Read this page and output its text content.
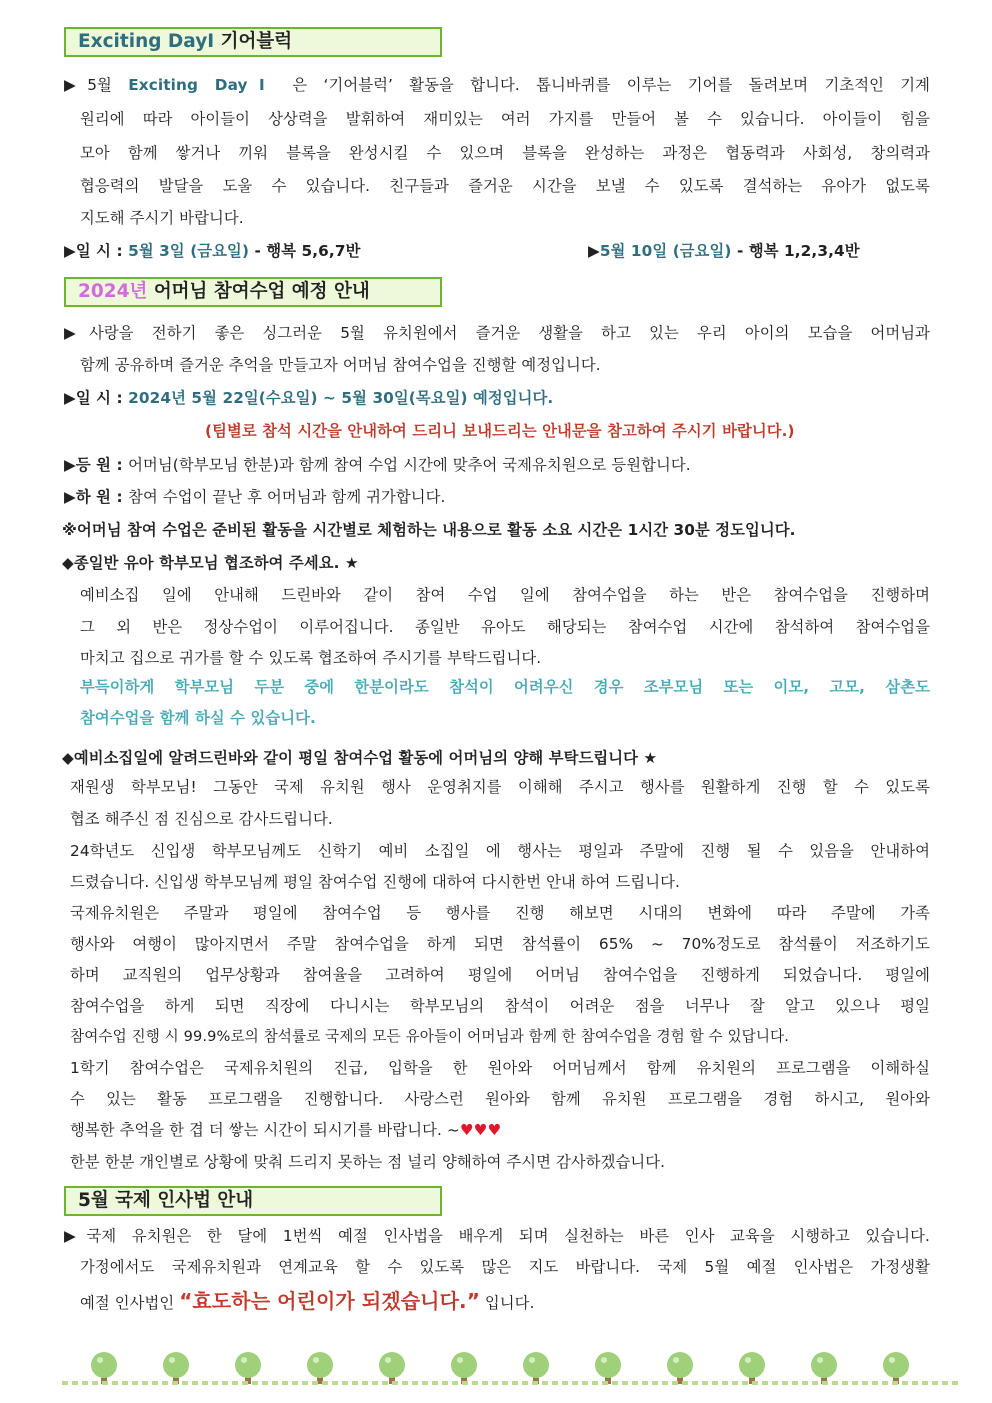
Exciting DayⅠ 기어블럭
▶5월 Exciting DayⅠ 은 ‘기어블럭’ 활동을 합니다. 톱니바퀴를 이루는 기어를 돌려보며 기초적인 기계
원리에 따라 아이들이 상상력을 발휘하여 재미있는 여러 가지를 만들어 볼 수 있습니다. 아이들이 힘을
모아 함께 쌓거나 끼워 블록을 완성시킬 수 있으며 블록을 완성하는 과정은 협동력과 사회성, 창의력과
협응력의 발달을 도울 수 있습니다. 친구들과 즐거운 시간을 보낼 수 있도록 결석하는 유아가 없도록
지도해 주시기 바랍니다.
▶일 시 : 5월 3일 (금요일) - 행복 5,6,7반	▶5월 10일 (금요일) - 행복 1,2,3,4반
2024년 어머님 참여수업 예정 안내
▶사랑을 전하기 좋은 싱그러운 5월 유치원에서 즐거운 생활을 하고 있는 우리 아이의 모습을 어머님과
함께 공유하며 즐거운 추억을 만들고자 어머님 참여수업을 진행할 예정입니다.
▶일 시 : 2024년 5월 22일(수요일) ~ 5월 30일(목요일) 예정입니다.
(팀별로 참석 시간을 안내하여 드리니 보내드리는 안내문을 참고하여 주시기 바랍니다.)
▶등 원 : 어머님(학부모님 한분)과 함께 참여 수업 시간에 맞추어 국제유치원으로 등원합니다.
▶하 원 : 참여 수업이 끝난 후 어머님과 함께 귀가합니다.
※어머님 참여 수업은 준비된 활동을 시간별로 체험하는 내용으로 활동 소요 시간은 1시간 30분 정도입니다.
◆종일반 유아 학부모님 협조하여 주세요. ★
예비소집 일에 안내해 드린바와 같이 참여 수업 일에 참여수업을 하는 반은 참여수업을 진행하며
그 외 반은 정상수업이 이루어집니다. 종일반 유아도 해당되는 참여수업 시간에 참석하여 참여수업을
마치고 집으로 귀가를 할 수 있도록 협조하여 주시기를 부탁드립니다.
부득이하게 학부모님 두분 중에 한분이라도 참석이 어려우신 경우 조부모님 또는 이모, 고모, 삼촌도
참여수업을 함께 하실 수 있습니다.
◆예비소집일에 알려드린바와 같이 평일 참여수업 활동에 어머님의 양해 부탁드립니다 ★
재원생 학부모님! 그동안 국제 유치원 행사 운영취지를 이해해 주시고 행사를 원활하게 진행 할 수 있도록
협조 해주신 점 진심으로 감사드립니다.
24학년도 신입생 학부모님께도 신학기 예비 소집일 에 행사는 평일과 주말에 진행 될 수 있음을 안내하여
드렸습니다. 신입생 학부모님께 평일 참여수업 진행에 대하여 다시한번 안내 하여 드립니다.
국제유치원은 주말과 평일에 참여수업 등 행사를 진행 해보면 시대의 변화에 따라 주말에 가족
행사와 여행이 많아지면서 주말 참여수업을 하게 되면 참석률이 65% ~ 70%정도로 참석률이 저조하기도
하며 교직원의 업무상황과 참여율을 고려하여 평일에 어머님 참여수업을 진행하게 되었습니다. 평일에
참여수업을 하게 되면 직장에 다니시는 학부모님의 참석이 어려운 점을 너무나 잘 알고 있으나 평일
참여수업 진행 시 99.9%로의 참석률로 국제의 모든 유아들이 어머님과 함께 한 참여수업을 경험 할 수 있답니다.
1학기 참여수업은 국제유치원의 진급, 입학을 한 원아와 어머님께서 함께 유치원의 프로그램을 이해하실
수 있는 활동 프로그램을 진행합니다. 사랑스런 원아와 함께 유치원 프로그램을 경험 하시고, 원아와
행복한 추억을 한 겹 더 쌓는 시간이 되시기를 바랍니다. ~♥♥♥
한분 한분 개인별로 상황에 맞춰 드리지 못하는 점 널리 양해하여 주시면 감사하겠습니다.
5월 국제 인사법 안내
▶국제 유치원은 한 달에 1번씩 예절 인사법을 배우게 되며 실천하는 바른 인사 교육을 시행하고 있습니다.
가정에서도 국제유치원과 연계교육 할 수 있도록 많은 지도 바랍니다. 국제 5월 예절 인사법은 가정생활
예절 인사법인 “효도하는 어린이가 되겠습니다.” 입니다.
